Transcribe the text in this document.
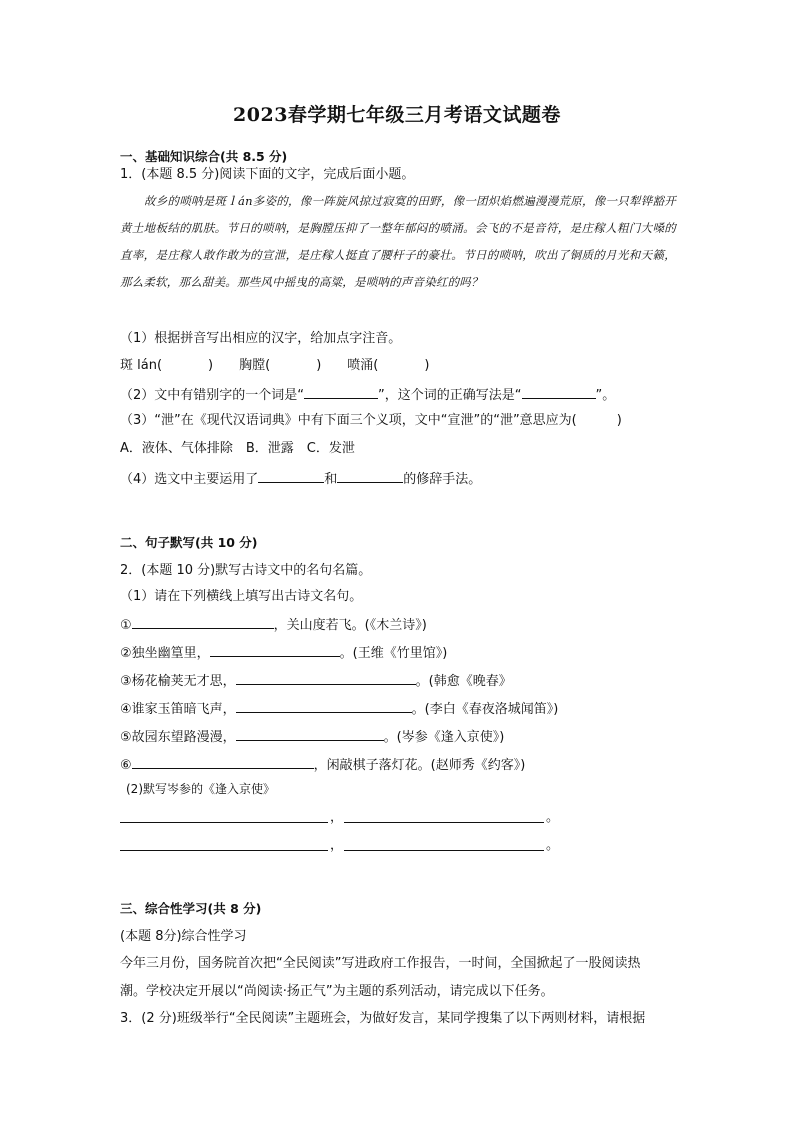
2023春学期七年级三月考语文试题卷
一、基础知识综合(共 8.5 分)
1．(本题 8.5 分)阅读下面的文字，完成后面小题。
故乡的唢呐是斑ｌán多姿的，像一阵旋风掠过寂寞的田野，像一团炽焰燃遍漫漫荒原，像一只犁铧豁开黄土地板结的肌肤。节日的唢呐，是胸膛压抑了一整年郁闷的喷涌。会飞的不是音符，是庄稼人粗门大嗓的直率，是庄稼人敢作敢为的宣泄，是庄稼人挺直了腰杆子的豪壮。节日的唢呐，吹出了铜质的月光和天籁，那么柔软，那么甜美。那些风中摇曳的高粱，是唢呐的声音染红的吗？
（1）根据拼音写出相应的汉字，给加点字注音。
斑 lán(	) 胸膛(	) 喷涌(	)
（2）文中有错别字的一个词是“	”，这个词的正确写法是“	”。
（3）“泄”在《现代汉语词典》中有下面三个义项，文中“宣泄”的“泄”意思应为(	)
A．液体、气体排除　B．泄露　C．发泄
（4）选文中主要运用了	和	的修辞手法。
二、句子默写(共 10 分)
2．(本题 10 分)默写古诗文中的名句名篇。
（1）请在下列横线上填写出古诗文名句。
①	，关山度若飞。(《木兰诗》)
②独坐幽篁里，	。(王维《竹里馆》)
③杨花榆荚无才思，	。(韩愈《晚春》
④谁家玉笛暗飞声，	。(李白《春夜洛城闻笛》)
⑤故园东望路漫漫，	。(岑参《逢入京使》)
⑥	，闲敲棋子落灯花。(赵师秀《约客》)
(2)默写岑参的《逢入京使》
，	。
，	。
三、综合性学习(共 8 分)
(本题 8分)综合性学习
今年三月份，国务院首次把“全民阅读”写进政府工作报告，一时间，全国掀起了一股阅读热
潮。学校决定开展以“尚阅读·扬正气”为主题的系列活动，请完成以下任务。
3．(2 分)班级举行“全民阅读”主题班会，为做好发言，某同学搜集了以下两则材料，请根据
